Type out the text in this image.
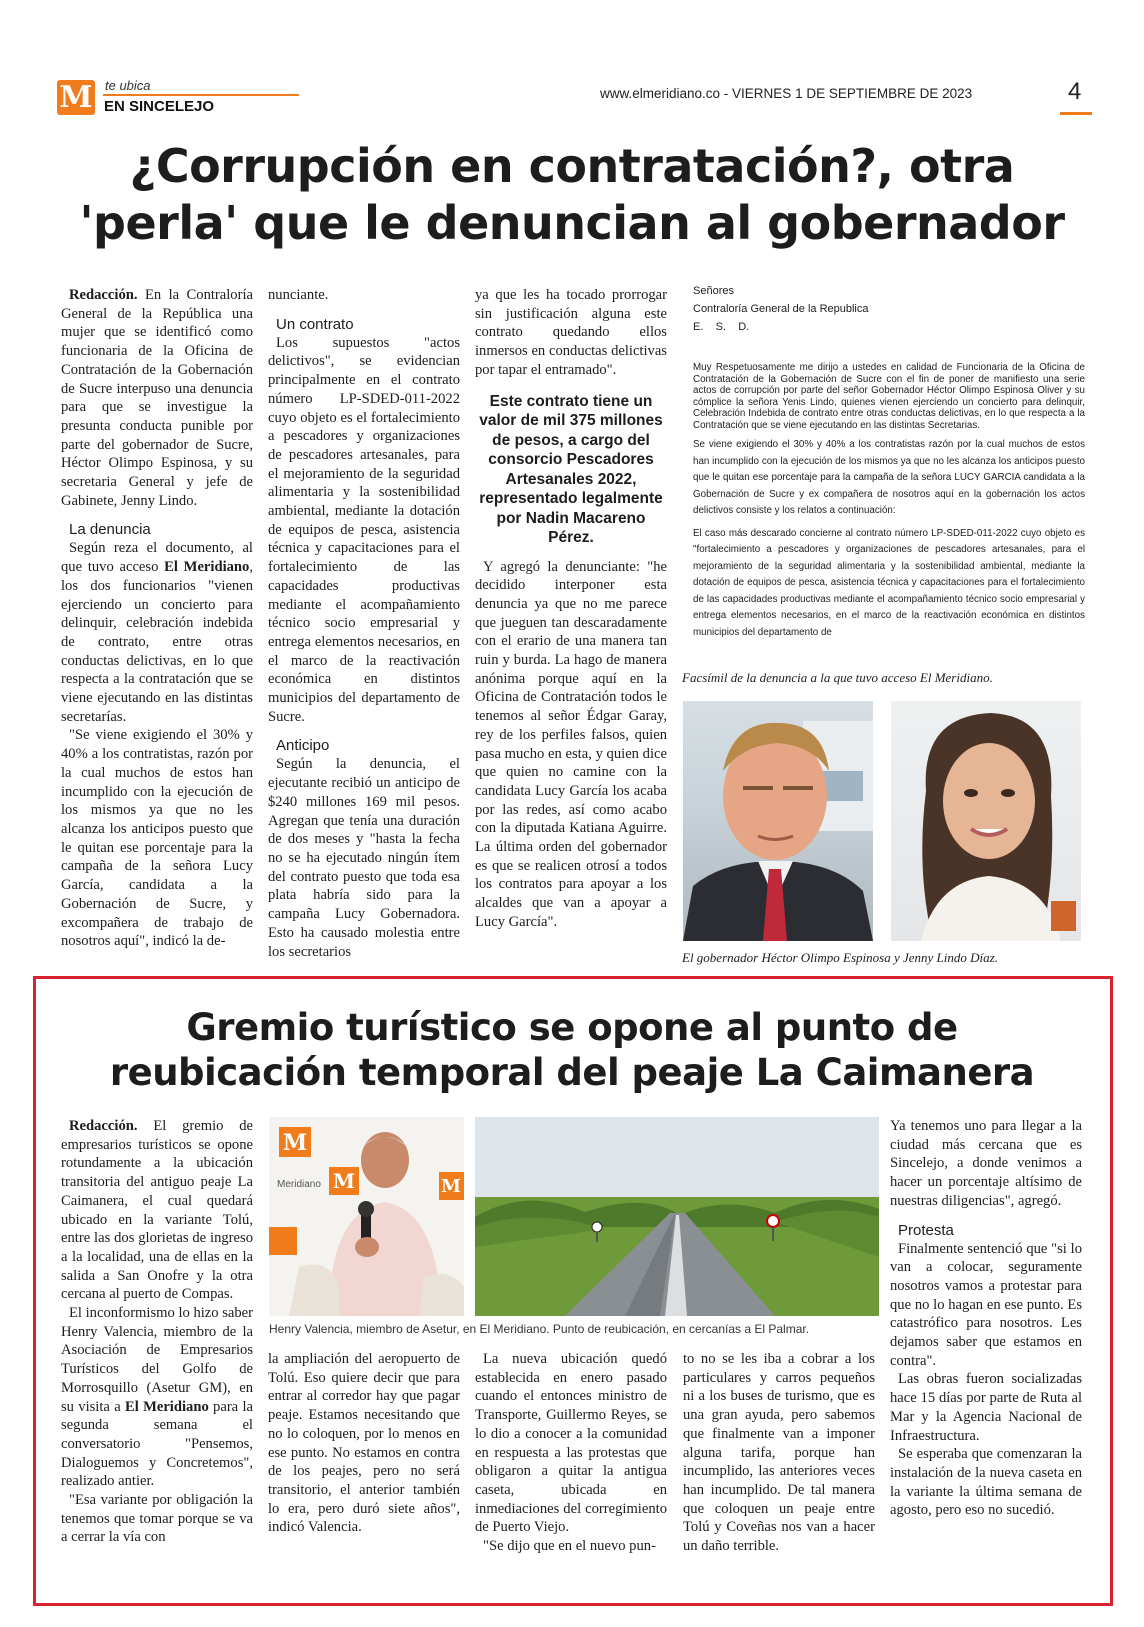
M te ubica
EN SINCELEJO
www.elmeridiano.co - VIERNES 1 DE SEPTIEMBRE DE 2023	4
¿Corrupción en contratación?, otra
'perla' que le denuncian al gobernador

Redacción. En la Contraloría General de la República una mujer que se identificó como funcionaria de la Oficina de Contratación de la Gobernación de Sucre interpuso una denuncia para que se investigue la presunta conducta punible por parte del gobernador de Sucre, Héctor Olimpo Espinosa, y su secretaria General y jefe de Gabinete, Jenny Lindo.

La denuncia

Según reza el documento, al que tuvo acceso El Meridiano, los dos funcionarios "vienen ejerciendo un concierto para delinquir, celebración indebida de contrato, entre otras conductas delictivas, en lo que respecta a la contratación que se viene ejecutando en las distintas secretarías.

"Se viene exigiendo el 30% y 40% a los contratistas, razón por la cual muchos de estos han incumplido con la ejecución de los mismos ya que no les alcanza los anticipos puesto que le quitan ese porcentaje para la campaña de la señora Lucy García, candidata a la Gobernación de Sucre, y excompañera de trabajo de nosotros aquí", indicó la de-

nunciante.

Un contrato

Los supuestos "actos delictivos", se evidencian principalmente en el contrato número LP-SDED-011-2022 cuyo objeto es el fortalecimiento a pescadores y organizaciones de pescadores artesanales, para el mejoramiento de la seguridad alimentaria y la sostenibilidad ambiental, mediante la dotación de equipos de pesca, asistencia técnica y capacitaciones para el fortalecimiento de las capacidades productivas mediante el acompañamiento técnico socio empresarial y entrega elementos necesarios, en el marco de la reactivación económica en distintos municipios del departamento de Sucre.

Anticipo

Según la denuncia, el ejecutante recibió un anticipo de $240 millones 169 mil pesos. Agregan que tenía una duración de dos meses y "hasta la fecha no se ha ejecutado ningún ítem del contrato puesto que toda esa plata habría sido para la campaña Lucy Gobernadora. Esto ha causado molestia entre los secretarios

ya que les ha tocado prorrogar sin justificación alguna este contrato quedando ellos inmersos en conductas delictivas por tapar el entramado".

Este contrato tiene un valor de mil 375 millones de pesos, a cargo del consorcio Pescadores Artesanales 2022, representado legalmente por Nadin Macareno Pérez.

Y agregó la denunciante: "he decidido interponer esta denuncia ya que no me parece que jueguen tan descaradamente con el erario de una manera tan ruin y burda. La hago de manera anónima porque aquí en la Oficina de Contratación todos le tenemos al señor Édgar Garay, rey de los perfiles falsos, quien pasa mucho en esta, y quien dice que quien no camine con la candidata Lucy García los acaba por las redes, así como acabo con la diputada Katiana Aguirre. La última orden del gobernador es que se realicen otrosí a todos los contratos para apoyar a los alcaldes que van a apoyar a Lucy García".

Señores
Contraloría General de la Republica
E.    S.    D.
Muy Respetuosamente me dirijo a ustedes en calidad de Funcionaria de la Oficina de Contratación de la Gobernación de Sucre con el fin de poner de manifiesto una serie actos de corrupción por parte del señor Gobernador Héctor Olimpo Espinosa Oliver y su cómplice la señora Yenis Lindo, quienes vienen ejerciendo un concierto para delinquir, Celebración Indebida de contrato entre otras conductas delictivas, en lo que respecta a la Contratación que se viene ejecutando en las distintas Secretarias.
Se viene exigiendo el 30% y 40% a los contratistas razón por la cual muchos de estos han incumplido con la ejecución de los mismos ya que no les alcanza los anticipos puesto que le quitan ese porcentaje para la campaña de la señora LUCY GARCIA candidata a la Gobernación de Sucre y ex compañera de nosotros aquí en la gobernación los actos delictivos consiste y los relatos a continuación:
El caso más descarado concierne al contrato número LP-SDED-011-2022 cuyo objeto es "fortalecimiento a pescadores y organizaciones de pescadores artesanales, para el mejoramiento de la seguridad alimentaria y la sostenibilidad ambiental, mediante la dotación de equipos de pesca, asistencia técnica y capacitaciones para el fortalecimiento de las capacidades productivas mediante el acompañamiento técnico socio empresarial y entrega elementos necesarios, en el marco de la reactivación económica en distintos municipios del departamento de
Facsímil de la denuncia a la que tuvo acceso El Meridiano.
El gobernador Héctor Olimpo Espinosa y Jenny Lindo Díaz.
Gremio turístico se opone al punto de
reubicación temporal del peaje La Caimanera

Redacción. El gremio de empresarios turísticos se opone rotundamente a la ubicación transitoria del antiguo peaje La Caimanera, el cual quedará ubicado en la variante Tolú, entre las dos glorietas de ingreso a la localidad, una de ellas en la salida a San Onofre y la otra cercana al puerto de Compas.

El inconformismo lo hizo saber Henry Valencia, miembro de la Asociación de Empresarios Turísticos del Golfo de Morrosquillo (Asetur GM), en su visita a El Meridiano para la segunda semana el conversatorio "Pensemos, Dialoguemos y Concretemos", realizado antier.

"Esa variante por obligación la tenemos que tomar porque se va a cerrar la vía con

M
M	M
Meridiano
Henry Valencia, miembro de Asetur, en El Meridiano. Punto de reubicación, en cercanías a El Palmar.

la ampliación del aeropuerto de Tolú. Eso quiere decir que para entrar al corredor hay que pagar peaje. Estamos necesitando que no lo coloquen, por lo menos en ese punto. No estamos en contra de los peajes, pero no será transitorio, el anterior también lo era, pero duró siete años", indicó Valencia.

La nueva ubicación quedó establecida en enero pasado cuando el entonces ministro de Transporte, Guillermo Reyes, se lo dio a conocer a la comunidad en respuesta a las protestas que obligaron a quitar la antigua caseta, ubicada en inmediaciones del corregimiento de Puerto Viejo.

"Se dijo que en el nuevo pun-

to no se les iba a cobrar a los particulares y carros pequeños ni a los buses de turismo, que es una gran ayuda, pero sabemos que finalmente van a imponer alguna tarifa, porque han incumplido, las anteriores veces han incumplido. De tal manera que coloquen un peaje entre Tolú y Coveñas nos van a hacer un daño terrible.

Ya tenemos uno para llegar a la ciudad más cercana que es Sincelejo, a donde venimos a hacer un porcentaje altísimo de nuestras diligencias", agregó.

Protesta

Finalmente sentenció que "si lo van a colocar, seguramente nosotros vamos a protestar para que no lo hagan en ese punto. Es catastrófico para nosotros. Les dejamos saber que estamos en contra".

Las obras fueron socializadas hace 15 días por parte de Ruta al Mar y la Agencia Nacional de Infraestructura.

Se esperaba que comenzaran la instalación de la nueva caseta en la variante la última semana de agosto, pero eso no sucedió.
